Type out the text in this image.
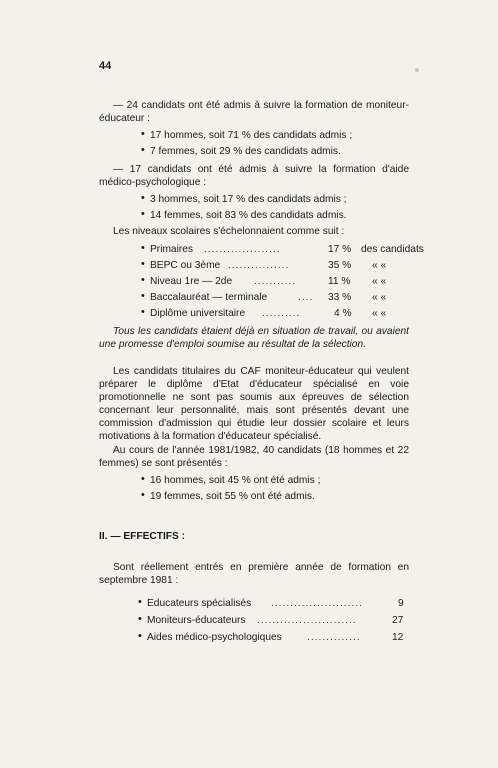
44
— 24 candidats ont été admis à suivre la formation de moniteur-éducateur :
• 17 hommes, soit 71 % des candidats admis ;
• 7 femmes, soit 29 % des candidats admis.
— 17 candidats ont été admis à suivre la formation d'aide médico-psychologique :
• 3 hommes, soit 17 % des candidats admis ;
• 14 femmes, soit 83 % des candidats admis.
Les niveaux scolaires s'échelonnaient comme suit :
• Primaires ....................	17 % des candidats
• BEPC ou 3ème ................	35 % « «
• Niveau 1re — 2de ...........	11 % « «
• Baccalauréat — terminale	....	33 % « «
• Diplôme universitaire ..........	4 % « «
Tous les candidats étaient déjà en situation de travail, ou avaient une promesse d'emploi soumise au résultat de la sélection.
Les candidats titulaires du CAF moniteur-éducateur qui veulent préparer le diplôme d'Etat d'éducateur spécialisé en voie promotionnelle ne sont pas soumis aux épreuves de sélection concernant leur personnalité, mais sont présentés devant une commission d'admission qui étudie leur dossier scolaire et leurs motivations à la formation d'éducateur spécialisé.
Au cours de l'année 1981/1982, 40 candidats (18 hommes et 22 femmes) se sont présentés :
• 16 hommes, soit 45 % ont été admis ;
• 19 femmes, soit 55 % ont été admis.
II. — EFFECTIFS :
Sont réellement entrés en première année de formation en septembre 1981 :
• Educateurs spécialisés ........................	9
• Moniteurs-éducateurs ..........................	27
• Aides médico-psychologiques ..............	12
